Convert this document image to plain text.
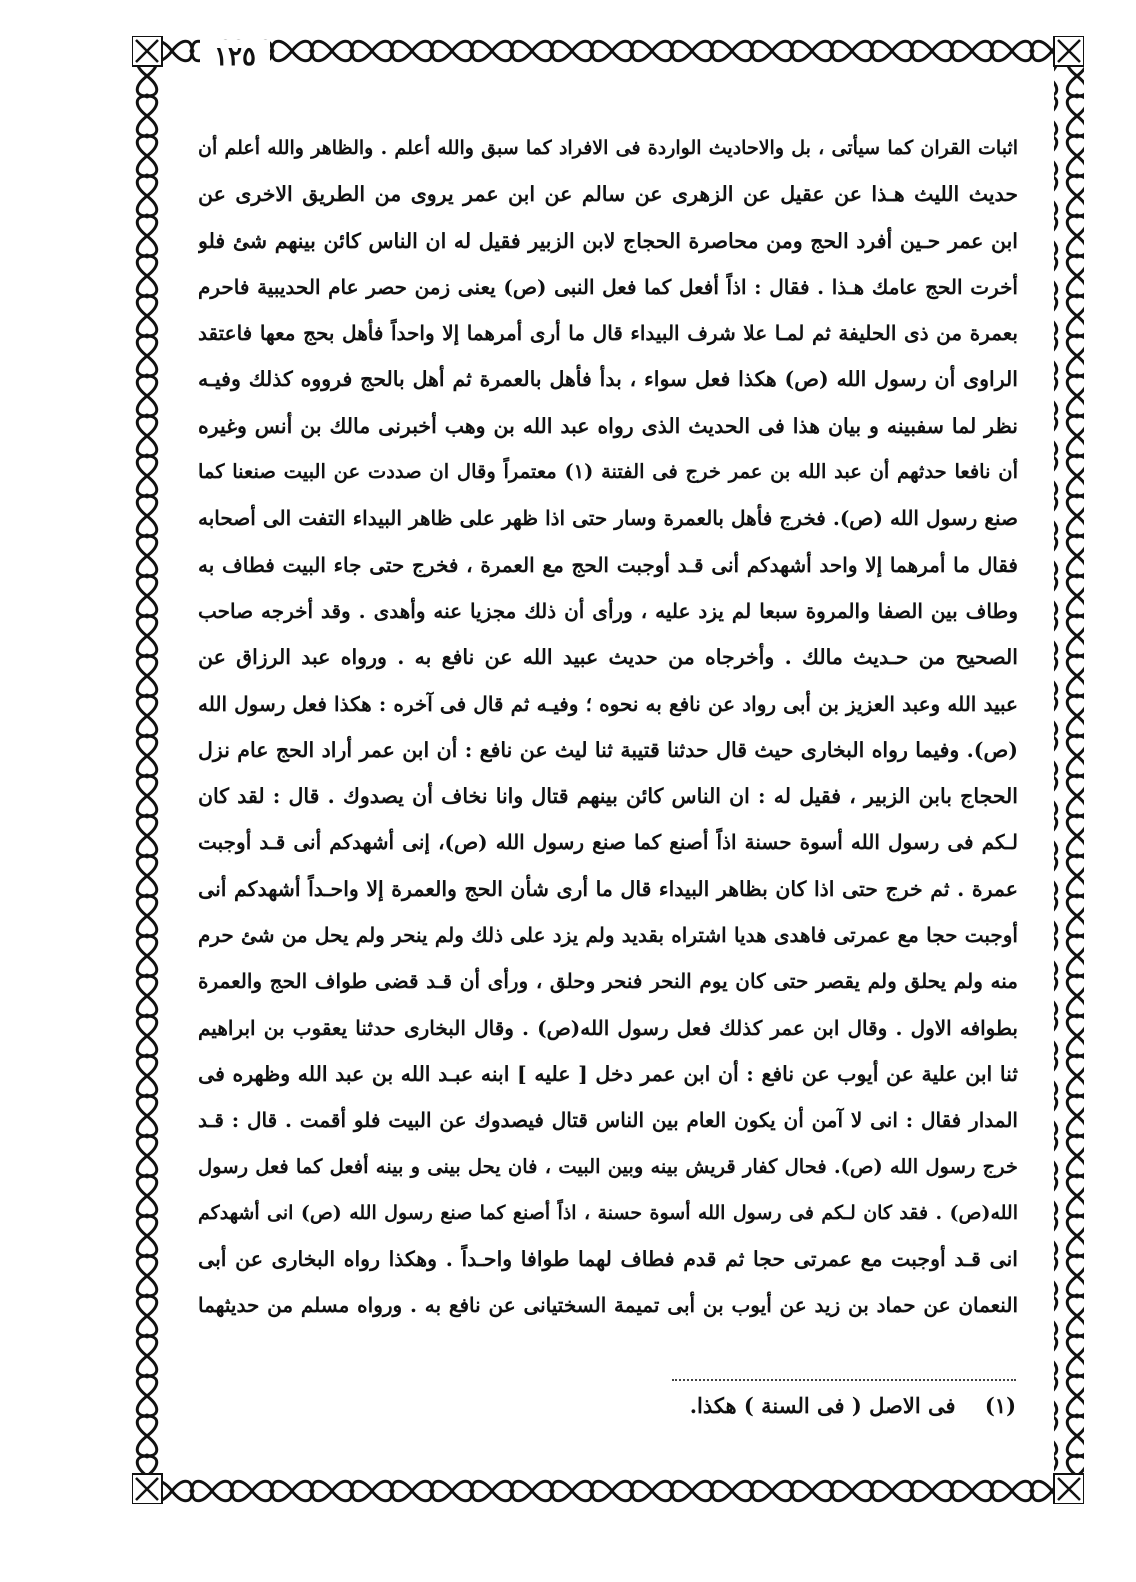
١٢٥
اثبات القران كما سيأتى ، بل والاحاديث الواردة فى الافراد كما سبق والله أعلم . والظاهر والله أعلم أن
حديث الليث هـذا عن عقيل عن الزهرى عن سالم عن ابن عمر يروى من الطريق الاخرى عن
ابن عمر حـين أفرد الحج ومن محاصرة الحجاج لابن الزبير فقيل له ان الناس كائن بينهم شئ فلو
أخرت الحج عامك هـذا . فقال : اذاً أفعل كما فعل النبى (ص) يعنى زمن حصر عام الحديبية فاحرم
بعمرة من ذى الحليفة ثم لمـا علا شرف البيداء قال ما أرى أمرهما إلا واحداً فأهل بحج معها فاعتقد
الراوى أن رسول الله (ص) هكذا فعل سواء ، بدأ فأهل بالعمرة ثم أهل بالحج فرووه كذلك وفيـه
نظر لما سفبينه و بيان هذا فى الحديث الذى رواه عبد الله بن وهب أخبرنى مالك بن أنس وغيره
أن نافعا حدثهم أن عبد الله بن عمر خرج فى الفتنة (١) معتمراً وقال ان صددت عن البيت صنعنا كما
صنع رسول الله (ص). فخرج فأهل بالعمرة وسار حتى اذا ظهر على ظاهر البيداء التفت الى أصحابه
فقال ما أمرهما إلا واحد أشهدكم أنى قـد أوجبت الحج مع العمرة ، فخرج حتى جاء البيت فطاف به
وطاف بين الصفا والمروة سبعا لم يزد عليه ، ورأى أن ذلك مجزيا عنه وأهدى . وقد أخرجه صاحب
الصحيح من حـديث مالك . وأخرجاه من حديث عبيد الله عن نافع به . ورواه عبد الرزاق عن
عبيد الله وعبد العزيز بن أبى رواد عن نافع به نحوه ؛ وفيـه ثم قال فى آخره : هكذا فعل رسول الله
(ص). وفيما رواه البخارى حيث قال حدثنا قتيبة ثنا ليث عن نافع : أن ابن عمر أراد الحج عام نزل
الحجاج بابن الزبير ، فقيل له : ان الناس كائن بينهم قتال وانا نخاف أن يصدوك . قال : لقد كان
لـكم فى رسول الله أسوة حسنة اذاً أصنع كما صنع رسول الله (ص)، إنى أشهدكم أنى قـد أوجبت
عمرة . ثم خرج حتى اذا كان بظاهر البيداء قال ما أرى شأن الحج والعمرة إلا واحـداً أشهدكم أنى
أوجبت حجا مع عمرتى فاهدى هديا اشتراه بقديد ولم يزد على ذلك ولم ينحر ولم يحل من شئ حرم
منه ولم يحلق ولم يقصر حتى كان يوم النحر فنحر وحلق ، ورأى أن قـد قضى طواف الحج والعمرة
بطوافه الاول . وقال ابن عمر كذلك فعل رسول الله(ص) . وقال البخارى حدثنا يعقوب بن ابراهيم
ثنا ابن علية عن أيوب عن نافع : أن ابن عمر دخل [ عليه ] ابنه عبـد الله بن عبد الله وظهره فى
المدار فقال : انى لا آمن أن يكون العام بين الناس قتال فيصدوك عن البيت فلو أقمت . قال : قـد
خرج رسول الله (ص). فحال كفار قريش بينه وبين البيت ، فان يحل بينى و بينه أفعل كما فعل رسول
الله(ص) . فقد كان لـكم فى رسول الله أسوة حسنة ، اذاً أصنع كما صنع رسول الله (ص) انى أشهدكم
انى قـد أوجبت مع عمرتى حجا ثم قدم فطاف لهما طوافا واحـداً . وهكذا رواه البخارى عن أبى
النعمان عن حماد بن زيد عن أيوب بن أبى تميمة السختيانى عن نافع به . ورواه مسلم من حديثهما
(١) فى الاصل ( فى السنة ) هكذا.
